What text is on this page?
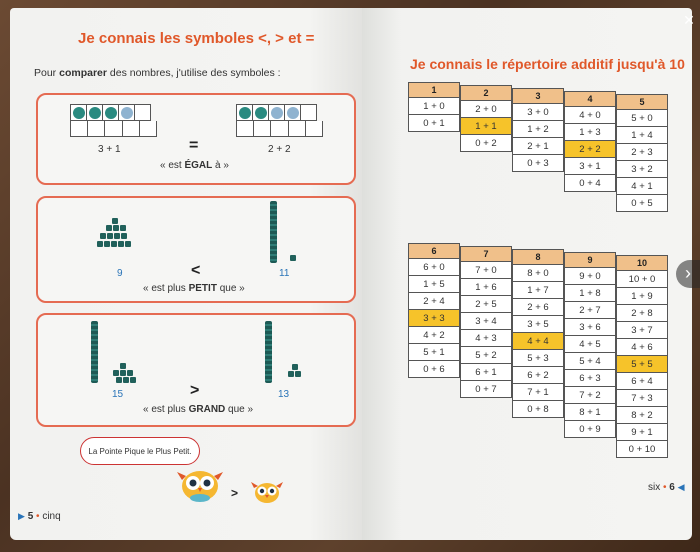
Je connais les symboles <, > et =
Pour comparer des nombres, j'utilise des symboles :
3 + 1	=	2 + 2
« est ÉGAL à »
9	<	11
« est plus PETIT que »
15	>	13
« est plus GRAND que »
La Pointe Pique le Plus Petit.
>
▶ 5 • cinq
Je connais le répertoire additif jusqu'à 10
1
1 + 0
0 + 1
2
2 + 0
1 + 1
0 + 2
3
3 + 0
1 + 2
2 + 1
0 + 3
4
4 + 0
1 + 3
2 + 2
3 + 1
0 + 4
5
5 + 0
1 + 4
2 + 3
3 + 2
4 + 1
0 + 5
6
6 + 0
1 + 5
2 + 4
3 + 3
4 + 2
5 + 1
0 + 6
7
7 + 0
1 + 6
2 + 5
3 + 4
4 + 3
5 + 2
6 + 1
0 + 7
8
8 + 0
1 + 7
2 + 6
3 + 5
4 + 4
5 + 3
6 + 2
7 + 1
0 + 8
9
9 + 0
1 + 8
2 + 7
3 + 6
4 + 5
5 + 4
6 + 3
7 + 2
8 + 1
0 + 9
10
10 + 0
1 + 9
2 + 8
3 + 7
4 + 6
5 + 5
6 + 4
7 + 3
8 + 2
9 + 1
0 + 10
six • 6 ◀
✕
›
